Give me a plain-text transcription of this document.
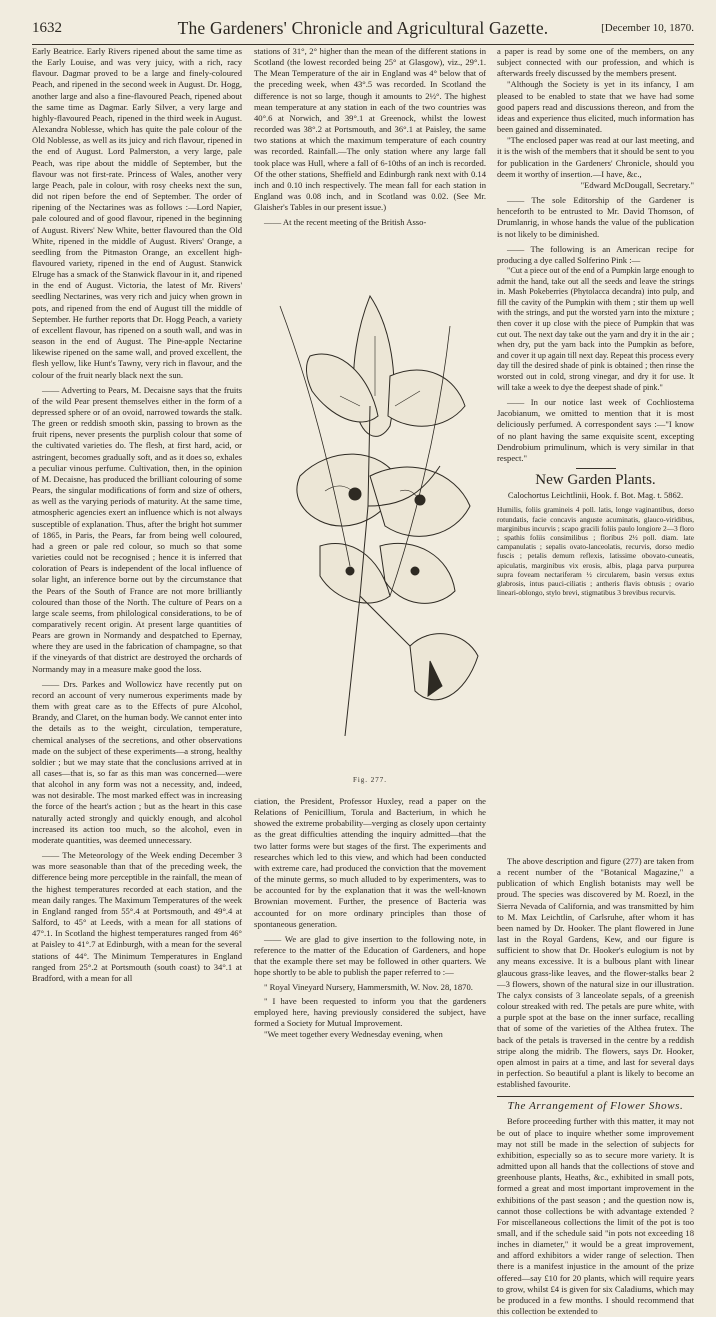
1632	The Gardeners' Chronicle and Agricultural Gazette.	[December 10, 1870.

Early Beatrice. Early Rivers ripened about the same time as the Early Louise, and was very juicy, with a rich, racy flavour. Dagmar proved to be a large and finely-coloured Peach, and ripened in the second week in August. Dr. Hogg, another large and also a fine-flavoured Peach, ripened about the same time as Dagmar. Early Silver, a very large and highly-flavoured Peach, ripened in the third week in August. Alexandra Noblesse, which has quite the pale colour of the Old Noblesse, as well as its juicy and rich flavour, ripened in the end of August. Lord Palmerston, a very large, pale Peach, was ripe about the middle of September, but the flavour was not first-rate. Princess of Wales, another very large Peach, pale in colour, with rosy cheeks next the sun, did not ripen before the end of September. The order of ripening of the Nectarines was as follows :—Lord Napier, pale coloured and of good flavour, ripened in the beginning of August. Rivers' New White, better flavoured than the Old White, ripened in the middle of August. Rivers' Orange, a seedling from the Pitmaston Orange, an excellent high-flavoured variety, ripened in the end of August. Stanwick Elruge has a smack of the Stanwick flavour in it, and ripened in the end of August. Victoria, the latest of Mr. Rivers' seedling Nectarines, was very rich and juicy when grown in pots, and ripened from the end of August till the middle of September. He further reports that Dr. Hogg Peach, a variety of excellent flavour, has ripened on a south wall, and was in season in the end of August. The Pine-apple Nectarine likewise ripened on the same wall, and proved excellent, the flesh yellow, like Hunt's Tawny, very rich in flavour, and the colour of the fruit nearly black next the sun.

—— Adverting to Pears, M. Decaisne says that the fruits of the wild Pear present themselves either in the form of a depressed sphere or of an ovoid, narrowed towards the stalk. The green or reddish smooth skin, passing to brown as the fruit ripens, never presents the purplish colour that some of the cultivated varieties do. The flesh, at first hard, acid, or astringent, becomes gradually soft, and as it does so, exhales a peculiar vinous perfume. Cultivation, then, in the opinion of M. Decaisne, has produced the brilliant colouring of some Pears, the singular modifications of form and size of others, as well as the varying periods of maturity. At the same time, atmospheric agencies exert an influence which is not always susceptible of explanation. Thus, after the bright hot summer of 1865, in Paris, the Pears, far from being well coloured, had a green or pale red colour, so much so that some varieties could not be recognised ; hence it is inferred that coloration of Pears is independent of the local influence of solar light, an inference borne out by the circumstance that the Pears of the South of France are not more brilliantly coloured than those of the North. The culture of Pears on a large scale seems, from philological considerations, to be of comparatively recent origin. At present large quantities of Pears are grown in Normandy and despatched to Epernay, where they are used in the fabrication of champagne, so that if the vineyards of that district are destroyed the orchards of Normandy may in a measure make good the loss.

—— Drs. Parkes and Wollowicz have recently put on record an account of very numerous experiments made by them with great care as to the Effects of pure Alcohol, Brandy, and Claret, on the human body. We cannot enter into the details as to the weight, circulation, temperature, chemical analyses of the secretions, and other observations made on the subject of these experiments—a strong, healthy soldier ; but we may state that the conclusions arrived at in all cases—that is, so far as this man was concerned—were that alcohol in any form was not a necessity, and, indeed, was not desirable. The most marked effect was in increasing the force of the heart's action ; but as the heart in this case naturally acted strongly and quickly enough, and alcohol increased its action too much, so the alcohol, even in moderate quantities, was deemed unnecessary.

—— The Meteorology of the Week ending December 3 was more seasonable than that of the preceding week, the difference being more perceptible in the rainfall, the mean of the highest temperatures recorded at each station, and the mean daily ranges. The Maximum Temperatures of the week in England ranged from 55°.4 at Portsmouth, and 49°.4 at Salford, to 45° at Leeds, with a mean for all stations of 47°.1. In Scotland the highest temperatures ranged from 46° at Paisley to 41°.7 at Edinburgh, with a mean for the several stations of 44°. The Minimum Temperatures in England ranged from 25°.2 at Portsmouth (south coast) to 34°.1 at Bradford, with a mean for all

stations of 31°, 2° higher than the mean of the different stations in Scotland (the lowest recorded being 25° at Glasgow), viz., 29°.1. The Mean Temperature of the air in England was 4° below that of the preceding week, when 43°.5 was recorded. In Scotland the difference is not so large, though it amounts to 2½°. The highest mean temperature at any station in each of the two countries was 40°.6 at Norwich, and 39°.1 at Greenock, whilst the lowest recorded was 38°.2 at Portsmouth, and 36°.1 at Paisley, the same two stations at which the maximum temperature of each country was recorded. Rainfall.—The only station where any large fall took place was Hull, where a fall of 6-10ths of an inch is recorded. Of the other stations, Sheffield and Edinburgh rank next with 0.14 inch and 0.10 inch respectively. The mean fall for each station in England was 0.08 inch, and in Scotland was 0.02. (See Mr. Glaisher's Tables in our present issue.)

—— At the recent meeting of the British Asso-

Fig. 277.

ciation, the President, Professor Huxley, read a paper on the Relations of Penicillium, Torula and Bacterium, in which he showed the extreme probability—verging as closely upon certainty as the great difficulties attending the inquiry admitted—that the two latter forms were but stages of the first. The experiments and researches which led to this view, and which had been conducted with extreme care, had produced the conviction that the movement of the minute germs, so much alluded to by experimenters, was to be accounted for by the explanation that it was the well-known Brownian movement. Further, the presence of Bacteria was accounted for on more ordinary principles than those of spontaneous generation.

—— We are glad to give insertion to the following note, in reference to the matter of the Education of Gardeners, and hope that the example there set may be followed in other quarters. We hope shortly to be able to publish the paper referred to :—

" Royal Vineyard Nursery, Hammersmith, W. Nov. 28, 1870.

" I have been requested to inform you that the gardeners employed here, having previously considered the subject, have formed a Society for Mutual Improvement.

"We meet together every Wednesday evening, when

a paper is read by some one of the members, on any subject connected with our profession, and which is afterwards freely discussed by the members present.

"Although the Society is yet in its infancy, I am pleased to be enabled to state that we have had some good papers read and discussions thereon, and from the ideas and experience thus elicited, much information has been gained and disseminated.

"The enclosed paper was read at our last meeting, and it is the wish of the members that it should be sent to you for publication in the Gardeners' Chronicle, should you deem it worthy of insertion.—I have, &c.,

"Edward McDougall, Secretary."

—— The sole Editorship of the Gardener is henceforth to be entrusted to Mr. David Thomson, of Drumlanrig, in whose hands the value of the publication is not likely to be diminished.

—— The following is an American recipe for producing a dye called Solferino Pink :—

"Cut a piece out of the end of a Pumpkin large enough to admit the hand, take out all the seeds and leave the strings in. Mash Pokeberries (Phytolacca decandra) into pulp, and fill the cavity of the Pumpkin with them ; stir them up well with the strings, and put the worsted yarn into the mixture ; then cover it up close with the piece of Pumpkin that was cut out. The next day take out the yarn and dry it in the air ; when dry, put the yarn back into the Pumpkin as before, and cover it up again till next day. Repeat this process every day till the desired shade of pink is obtained ; then rinse the worsted out in cold, strong vinegar, and dry it for use. It will take a week to dye the deepest shade of pink."

—— In our notice last week of Cochliostema Jacobianum, we omitted to mention that it is most deliciously perfumed. A correspondent says :—"I know of no plant having the same exquisite scent, excepting Dendrobium primulinum, which is very similar in that respect."

New Garden Plants.
Calochortus Leichtlinii, Hook. f. Bot. Mag. t. 5862.

Humilis, foliis gramineis 4 poll. latis, longe vaginantibus, dorso rotundatis, facie concavis anguste acuminatis, glauco-viridibus, marginibus incurvis ; scapo gracili foliis paulo longiore 2—3 floro ; spathis foliis consimilibus ; floribus 2½ poll. diam. late campanulatis ; sepalis ovato-lanceolatis, recurvis, dorso medio fuscis ; petalis demum reflexis, latissime obovato-cuneatis, apiculatis, marginibus vix erosis, albis, plaga parva purpurea supra foveam nectariferam ½ circularem, basin versus extus glabrosis, intus pauci-ciliatis ; antheris flavis obtusis ; ovario lineari-oblongo, stylo brevi, stigmatibus 3 brevibus recurvis.

The above description and figure (277) are taken from a recent number of the "Botanical Magazine," a publication of which English botanists may well be proud. The species was discovered by M. Roezl, in the Sierra Nevada of California, and was transmitted by him to M. Max Leichtlin, of Carlsruhe, after whom it has been named by Dr. Hooker. The plant flowered in June last in the Royal Gardens, Kew, and our figure is sufficient to show that Dr. Hooker's eulogium is not by any means excessive. It is a bulbous plant with linear glaucous grass-like leaves, and the flower-stalks bear 2—3 flowers, shown of the natural size in our illustration. The calyx consists of 3 lanceolate sepals, of a greenish colour streaked with red. The petals are pure white, with a purple spot at the base on the inner surface, recalling that of some of the varieties of the Althea frutex. The back of the petals is traversed in the centre by a reddish stripe along the midrib. The flowers, says Dr. Hooker, open almost in pairs at a time, and last for several days in perfection. So beautiful a plant is likely to become an established favourite.

The Arrangement of Flower Shows.

Before proceeding further with this matter, it may not be out of place to inquire whether some improvement may not still be made in the selection of subjects for exhibition, especially so as to secure more variety. It is admitted upon all hands that the collections of stove and greenhouse plants, Heaths, &c., exhibited in small pots, formed a great and most important improvement in the exhibitions of the past season ; and the question now is, cannot those collections be with advantage extended ? For miscellaneous collections the limit of the pot is too small, and if the schedule said "in pots not exceeding 18 inches in diameter," it would be a great improvement, and afford exhibitors a wider range of selection. Then there is a manifest injustice in the amount of the prize offered—say £10 for 20 plants, which will require years to grow, whilst £4 is given for six Caladiums, which may be produced in a few months. I should recommend that this collection be extended to
